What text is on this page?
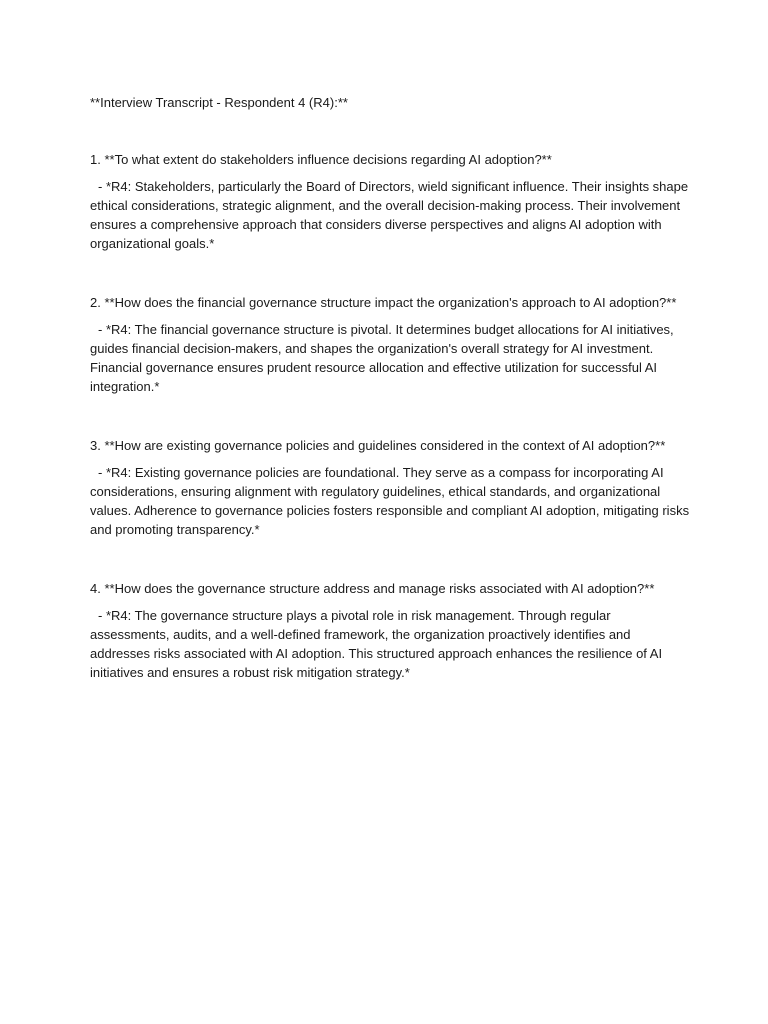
**Interview Transcript - Respondent 4 (R4):**

1. **To what extent do stakeholders influence decisions regarding AI adoption?**

- *R4: Stakeholders, particularly the Board of Directors, wield significant influence. Their insights shape ethical considerations, strategic alignment, and the overall decision-making process. Their involvement ensures a comprehensive approach that considers diverse perspectives and aligns AI adoption with organizational goals.*

2. **How does the financial governance structure impact the organization's approach to AI adoption?**

- *R4: The financial governance structure is pivotal. It determines budget allocations for AI initiatives, guides financial decision-makers, and shapes the organization's overall strategy for AI investment. Financial governance ensures prudent resource allocation and effective utilization for successful AI integration.*

3. **How are existing governance policies and guidelines considered in the context of AI adoption?**

- *R4: Existing governance policies are foundational. They serve as a compass for incorporating AI considerations, ensuring alignment with regulatory guidelines, ethical standards, and organizational values. Adherence to governance policies fosters responsible and compliant AI adoption, mitigating risks and promoting transparency.*

4. **How does the governance structure address and manage risks associated with AI adoption?**

- *R4: The governance structure plays a pivotal role in risk management. Through regular assessments, audits, and a well-defined framework, the organization proactively identifies and addresses risks associated with AI adoption. This structured approach enhances the resilience of AI initiatives and ensures a robust risk mitigation strategy.*
